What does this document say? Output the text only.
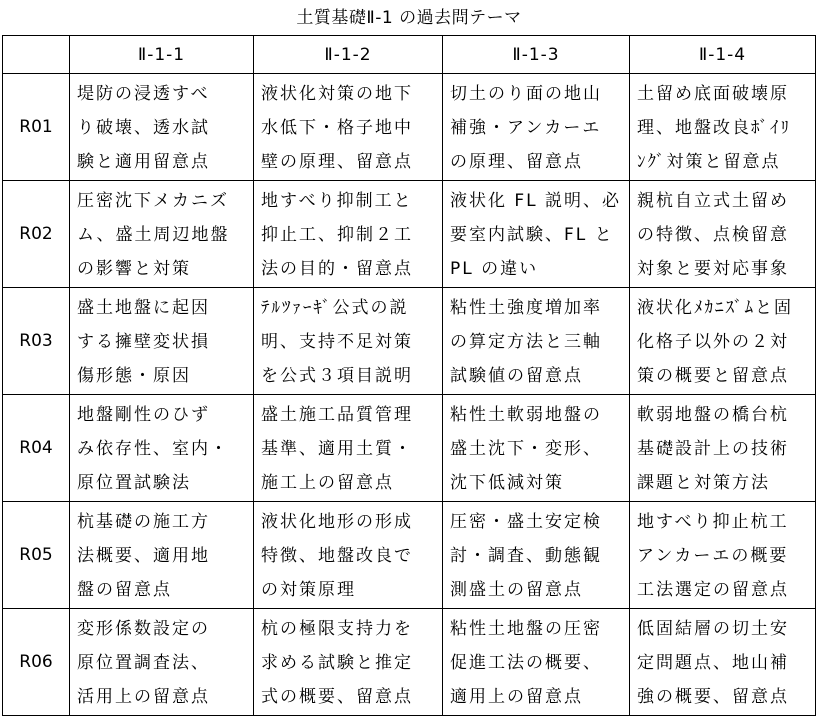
土質基礎Ⅱ-1 の過去問テーマ
	Ⅱ-1-1	Ⅱ-1-2	Ⅱ-1-3	Ⅱ-1-4
R01	堤防の浸透すべ
り破壊、透水試
験と適用留意点	液状化対策の地下
水低下・格子地中
壁の原理、留意点	切土のり面の地山
補強・アンカーエ
の原理、留意点	土留め底面破壊原
理、地盤改良ﾎﾞｲﾘ
ﾝｸﾞ対策と留意点

R02	圧密沈下メカニズ
ム、盛土周辺地盤
の影響と対策	地すべり抑制工と
抑止工、抑制２工
法の目的・留意点	液状化 FL 説明、必
要室内試験、FL と
PL の違い	親杭自立式土留め
の特徴、点検留意
対象と要対応事象

R03	盛土地盤に起因
する擁壁変状損
傷形態・原因	ﾃﾙﾂｧｰｷﾞ公式の説
明、支持不足対策
を公式３項目説明	粘性土強度増加率
の算定方法と三軸
試験値の留意点	液状化ﾒｶﾆｽﾞﾑと固
化格子以外の２対
策の概要と留意点

R04	地盤剛性のひず
み依存性、室内・
原位置試験法	盛土施工品質管理
基準、適用土質・
施工上の留意点	粘性土軟弱地盤の
盛土沈下・変形、
沈下低減対策	軟弱地盤の橋台杭
基礎設計上の技術
課題と対策方法

R05	杭基礎の施工方
法概要、適用地
盤の留意点	液状化地形の形成
特徴、地盤改良で
の対策原理	圧密・盛土安定検
討・調査、動態観
測盛土の留意点	地すべり抑止杭工
アンカーエの概要
工法選定の留意点

R06	変形係数設定の
原位置調査法、
活用上の留意点	杭の極限支持力を
求める試験と推定
式の概要、留意点	粘性土地盤の圧密
促進工法の概要、
適用上の留意点	低固結層の切土安
定問題点、地山補
強の概要、留意点
